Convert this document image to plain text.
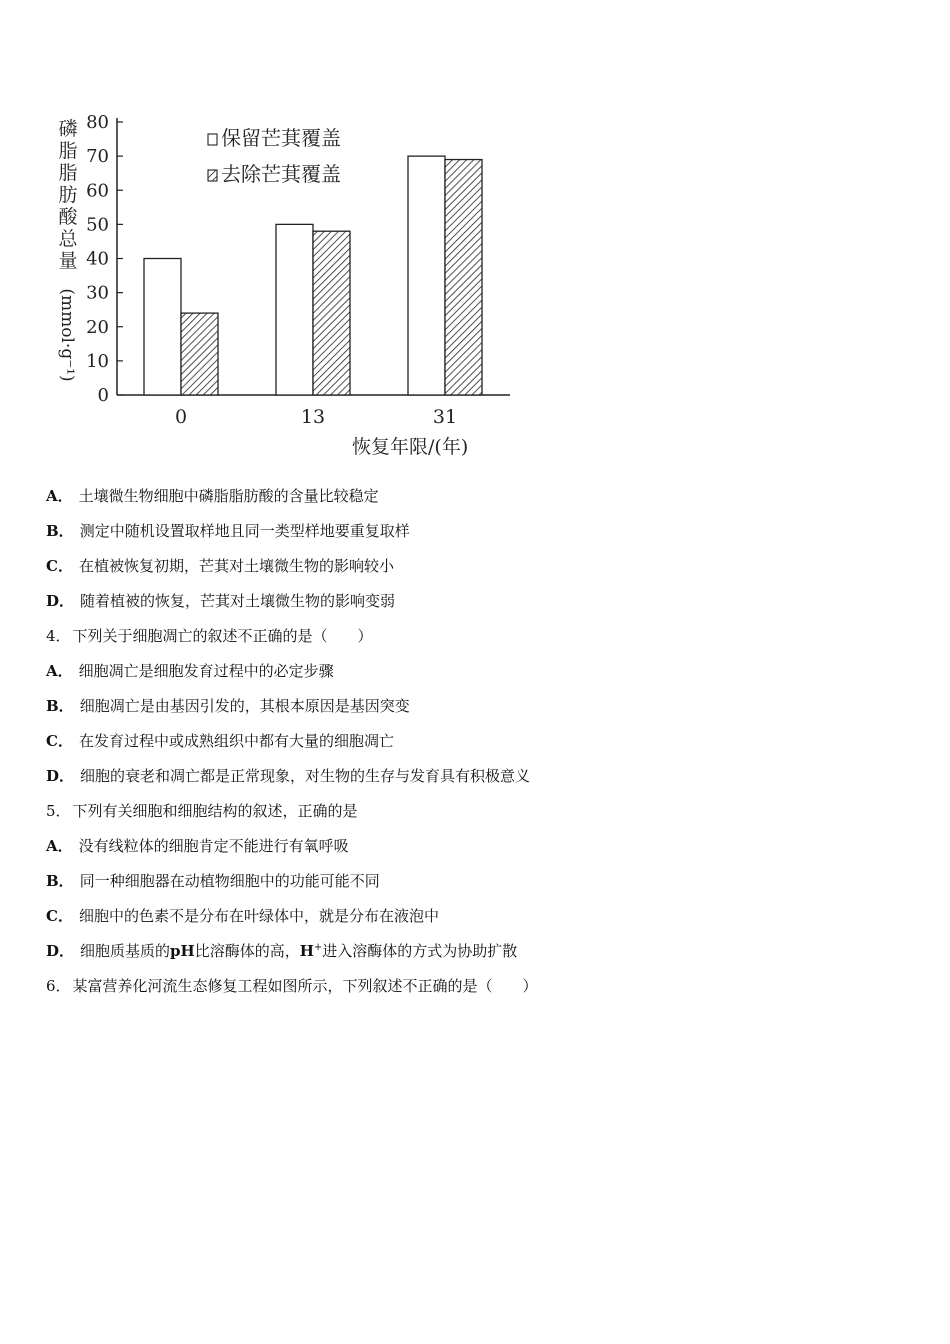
磷
脂
脂
肪
酸
总
量
(mmol·g⁻¹)
0
10
20
30
40
50
60
70
80
0	13	31
保留芒萁覆盖
去除芒萁覆盖
恢复年限/(年)
A． 土壤微生物细胞中磷脂脂肪酸的含量比较稳定
B． 测定中随机设置取样地且同一类型样地要重复取样
C． 在植被恢复初期，芒萁对土壤微生物的影响较小
D． 随着植被的恢复，芒萁对土壤微生物的影响变弱
4． 下列关于细胞凋亡的叙述不正确的是（　　）
A． 细胞凋亡是细胞发育过程中的必定步骤
B． 细胞凋亡是由基因引发的，其根本原因是基因突变
C． 在发育过程中或成熟组织中都有大量的细胞凋亡
D． 细胞的衰老和凋亡都是正常现象，对生物的生存与发育具有积极意义
5． 下列有关细胞和细胞结构的叙述，正确的是
A． 没有线粒体的细胞肯定不能进行有氧呼吸
B． 同一种细胞器在动植物细胞中的功能可能不同
C． 细胞中的色素不是分布在叶绿体中，就是分布在液泡中
D． 细胞质基质的pH比溶酶体的高，H+进入溶酶体的方式为协助扩散
6． 某富营养化河流生态修复工程如图所示，下列叙述不正确的是（　　）
